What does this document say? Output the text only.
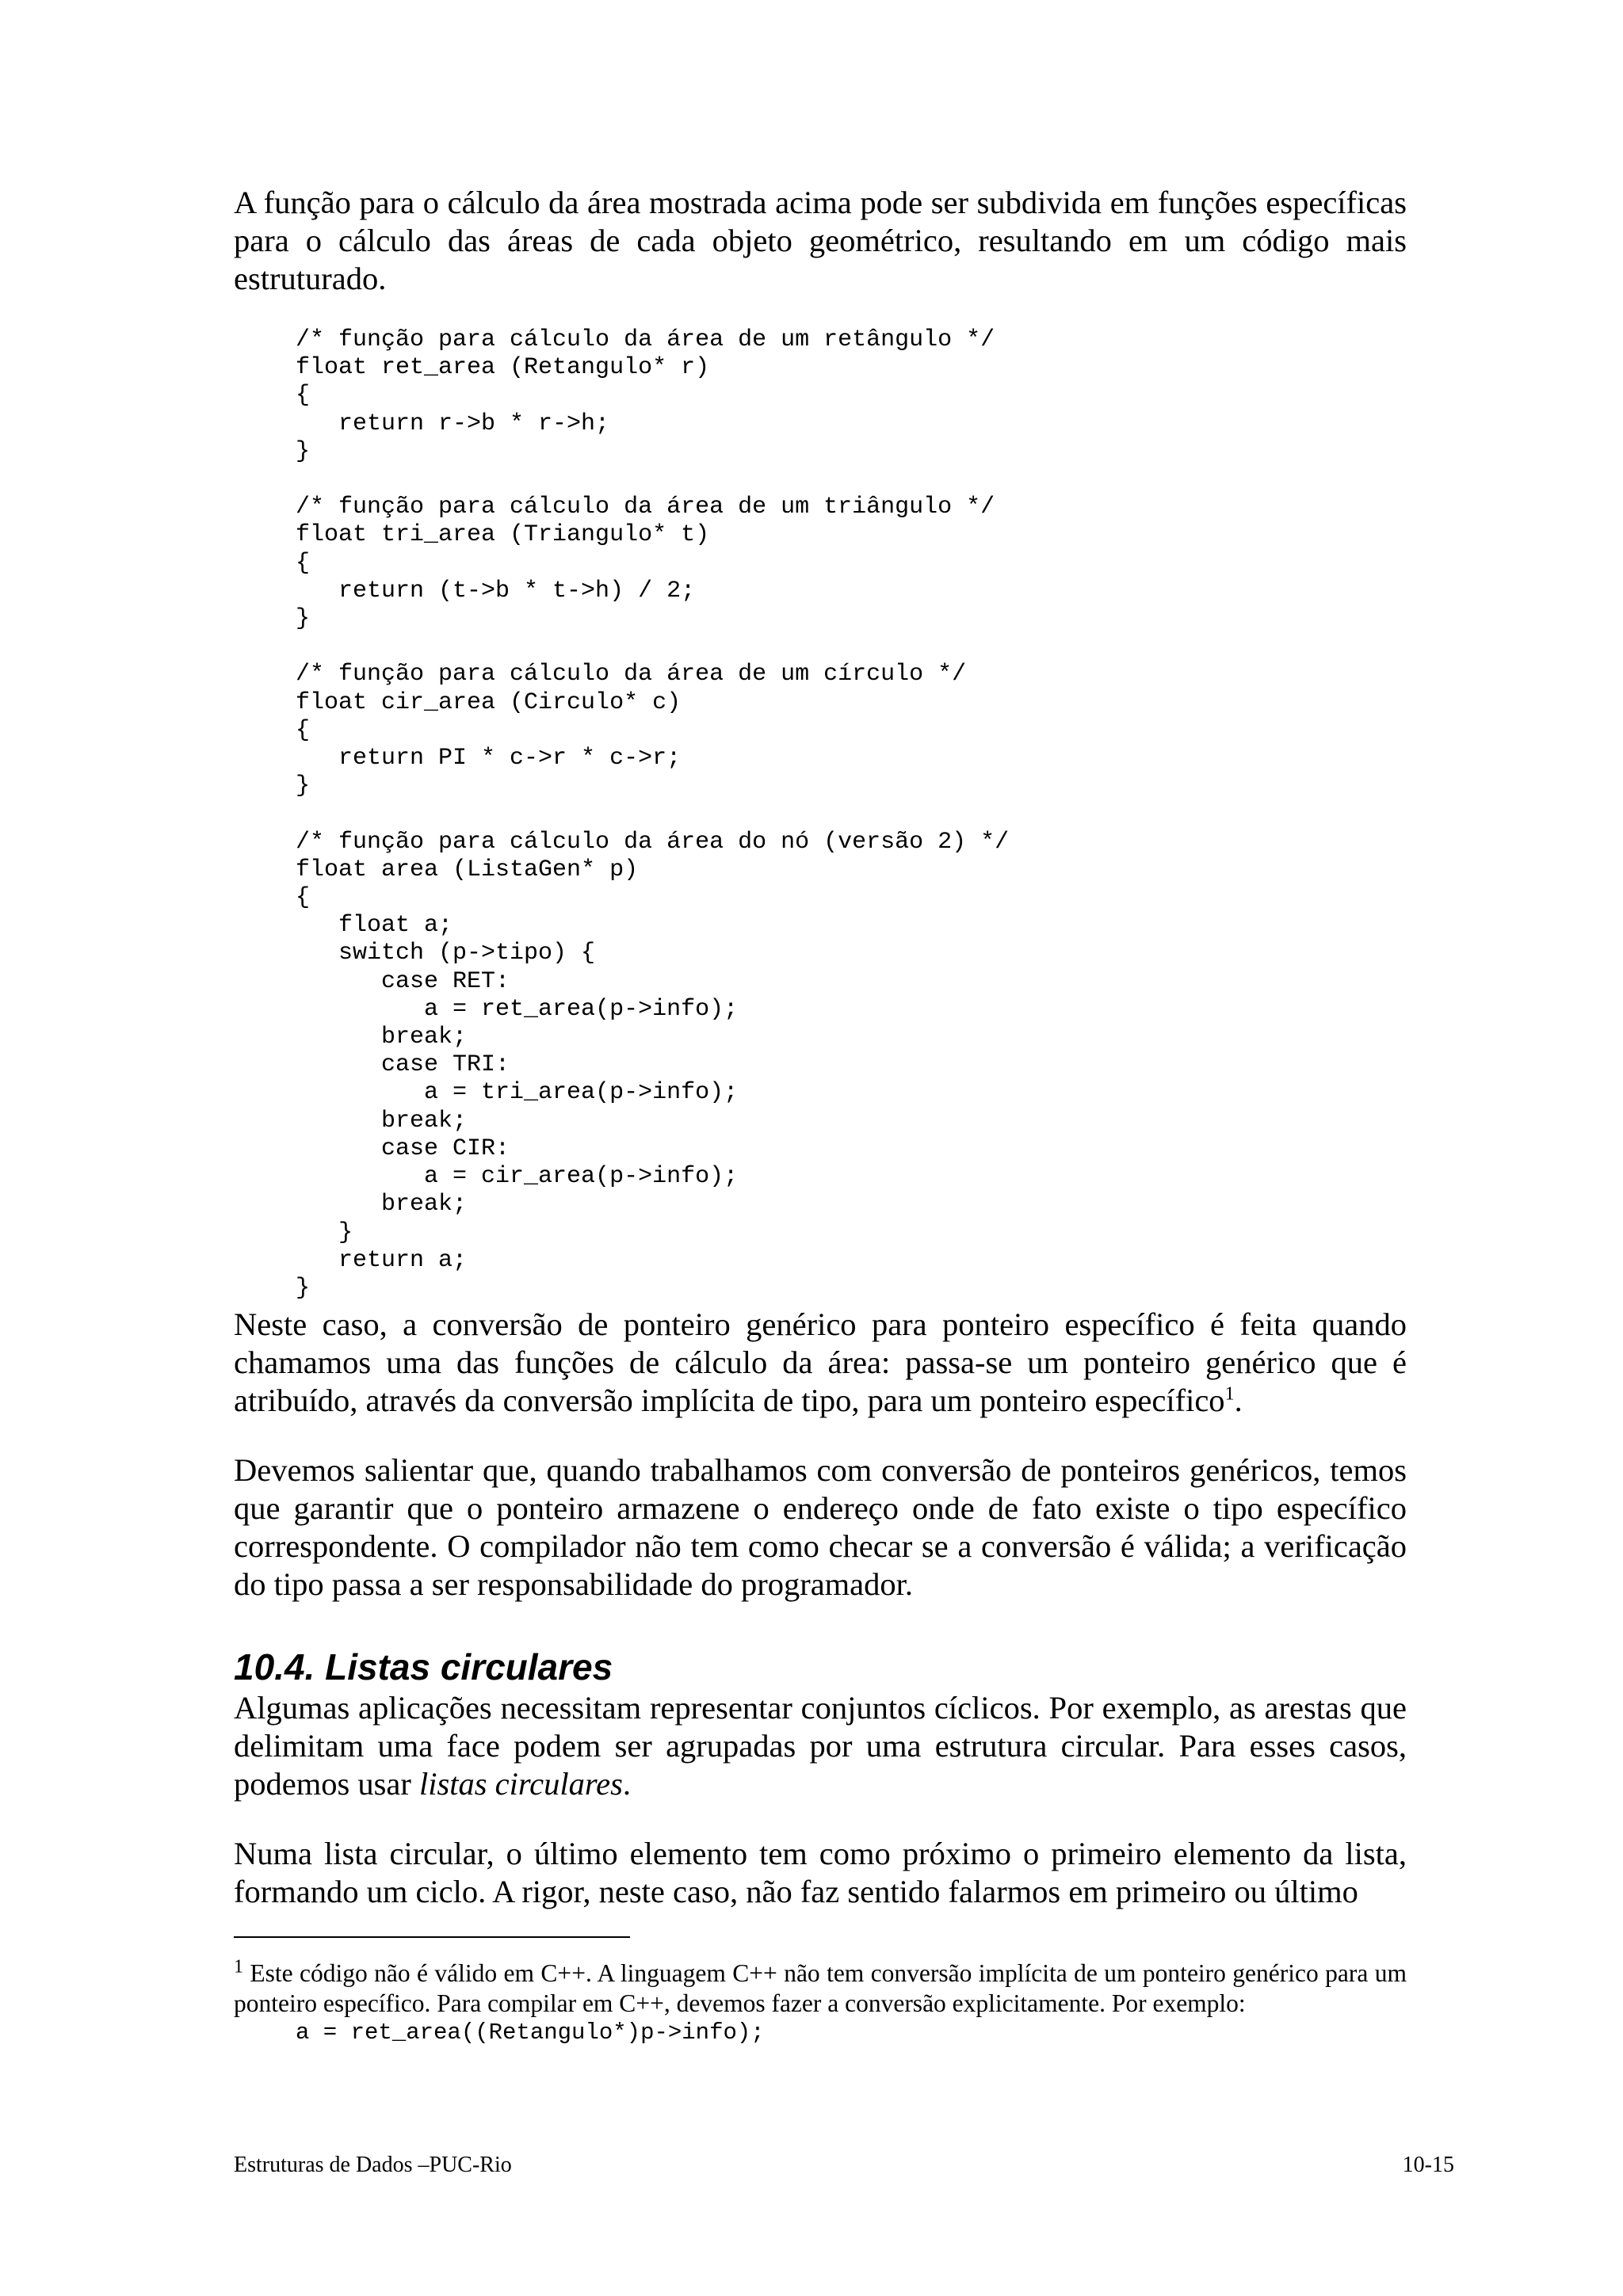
A função para o cálculo da área mostrada acima pode ser subdivida em funções específicas para o cálculo das áreas de cada objeto geométrico, resultando em um código mais estruturado.

/* função para cálculo da área de um retângulo */
float ret_area (Retangulo* r)
{
return r->b * r->h;
}

/* função para cálculo da área de um triângulo */
float tri_area (Triangulo* t)
{
return (t->b * t->h) / 2;
}

/* função para cálculo da área de um círculo */
float cir_area (Circulo* c)
{
return PI * c->r * c->r;
}

/* função para cálculo da área do nó (versão 2) */
float area (ListaGen* p)
{
float a;
switch (p->tipo) {
case RET:
a = ret_area(p->info);
break;
case TRI:
a = tri_area(p->info);
break;
case CIR:
a = cir_area(p->info);
break;
}
return a;
}

Neste caso, a conversão de ponteiro genérico para ponteiro específico é feita quando chamamos uma das funções de cálculo da área: passa-se um ponteiro genérico que é atribuído, através da conversão implícita de tipo, para um ponteiro específico$^1$.

Devemos salientar que, quando trabalhamos com conversão de ponteiros genéricos, temos que garantir que o ponteiro armazene o endereço onde de fato existe o tipo específico correspondente. O compilador não tem como checar se a conversão é válida; a verificação do tipo passa a ser responsabilidade do programador.

10.4. Listas circulares

Algumas aplicações necessitam representar conjuntos cíclicos. Por exemplo, as arestas que delimitam uma face podem ser agrupadas por uma estrutura circular. Para esses casos, podemos usar listas circulares.

Numa lista circular, o último elemento tem como próximo o primeiro elemento da lista, formando um ciclo. A rigor, neste caso, não faz sentido falarmos em primeiro ou último

$^1$ Este código não é válido em C++. A linguagem C++ não tem conversão implícita de um ponteiro genérico para um ponteiro específico. Para compilar em C++, devemos fazer a conversão explicitamente. Por exemplo:

a = ret_area((Retangulo*)p->info);
Estruturas de Dados –PUC-Rio	10-15
